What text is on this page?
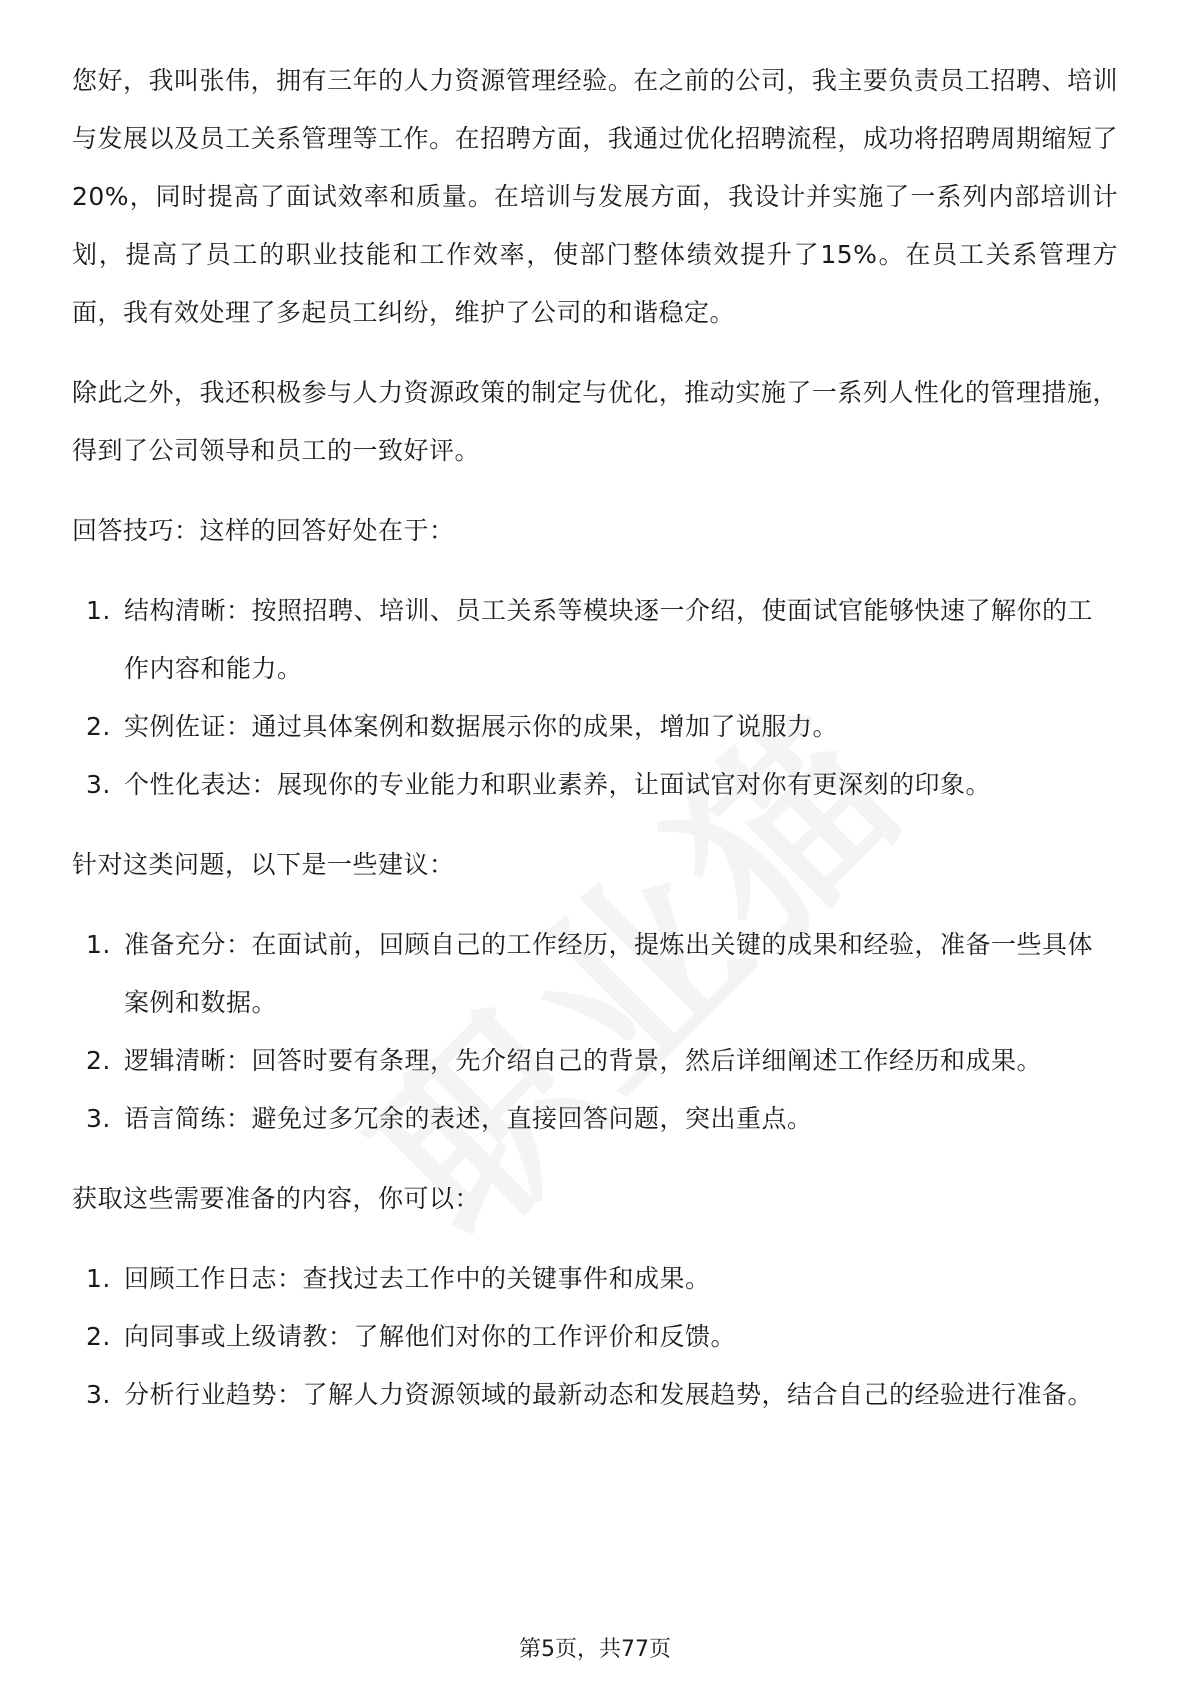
您好，我叫张伟，拥有三年的人力资源管理经验。在之前的公司，我主要负责员工招聘、培训与发展以及员工关系管理等工作。在招聘方面，我通过优化招聘流程，成功将招聘周期缩短了20%，同时提高了面试效率和质量。在培训与发展方面，我设计并实施了一系列内部培训计划，提高了员工的职业技能和工作效率，使部门整体绩效提升了15%。在员工关系管理方面，我有效处理了多起员工纠纷，维护了公司的和谐稳定。

除此之外，我还积极参与人力资源政策的制定与优化，推动实施了一系列人性化的管理措施，得到了公司领导和员工的一致好评。

回答技巧：这样的回答好处在于：

1. 结构清晰：按照招聘、培训、员工关系等模块逐一介绍，使面试官能够快速了解你的工作内容和能力。
2. 实例佐证：通过具体案例和数据展示你的成果，增加了说服力。
3. 个性化表达：展现你的专业能力和职业素养，让面试官对你有更深刻的印象。

针对这类问题，以下是一些建议：

1. 准备充分：在面试前，回顾自己的工作经历，提炼出关键的成果和经验，准备一些具体案例和数据。
2. 逻辑清晰：回答时要有条理，先介绍自己的背景，然后详细阐述工作经历和成果。
3. 语言简练：避免过多冗余的表述，直接回答问题，突出重点。

获取这些需要准备的内容，你可以：

1. 回顾工作日志：查找过去工作中的关键事件和成果。
2. 向同事或上级请教：了解他们对你的工作评价和反馈。
3. 分析行业趋势：了解人力资源领域的最新动态和发展趋势，结合自己的经验进行准备。
第5页，共77页
